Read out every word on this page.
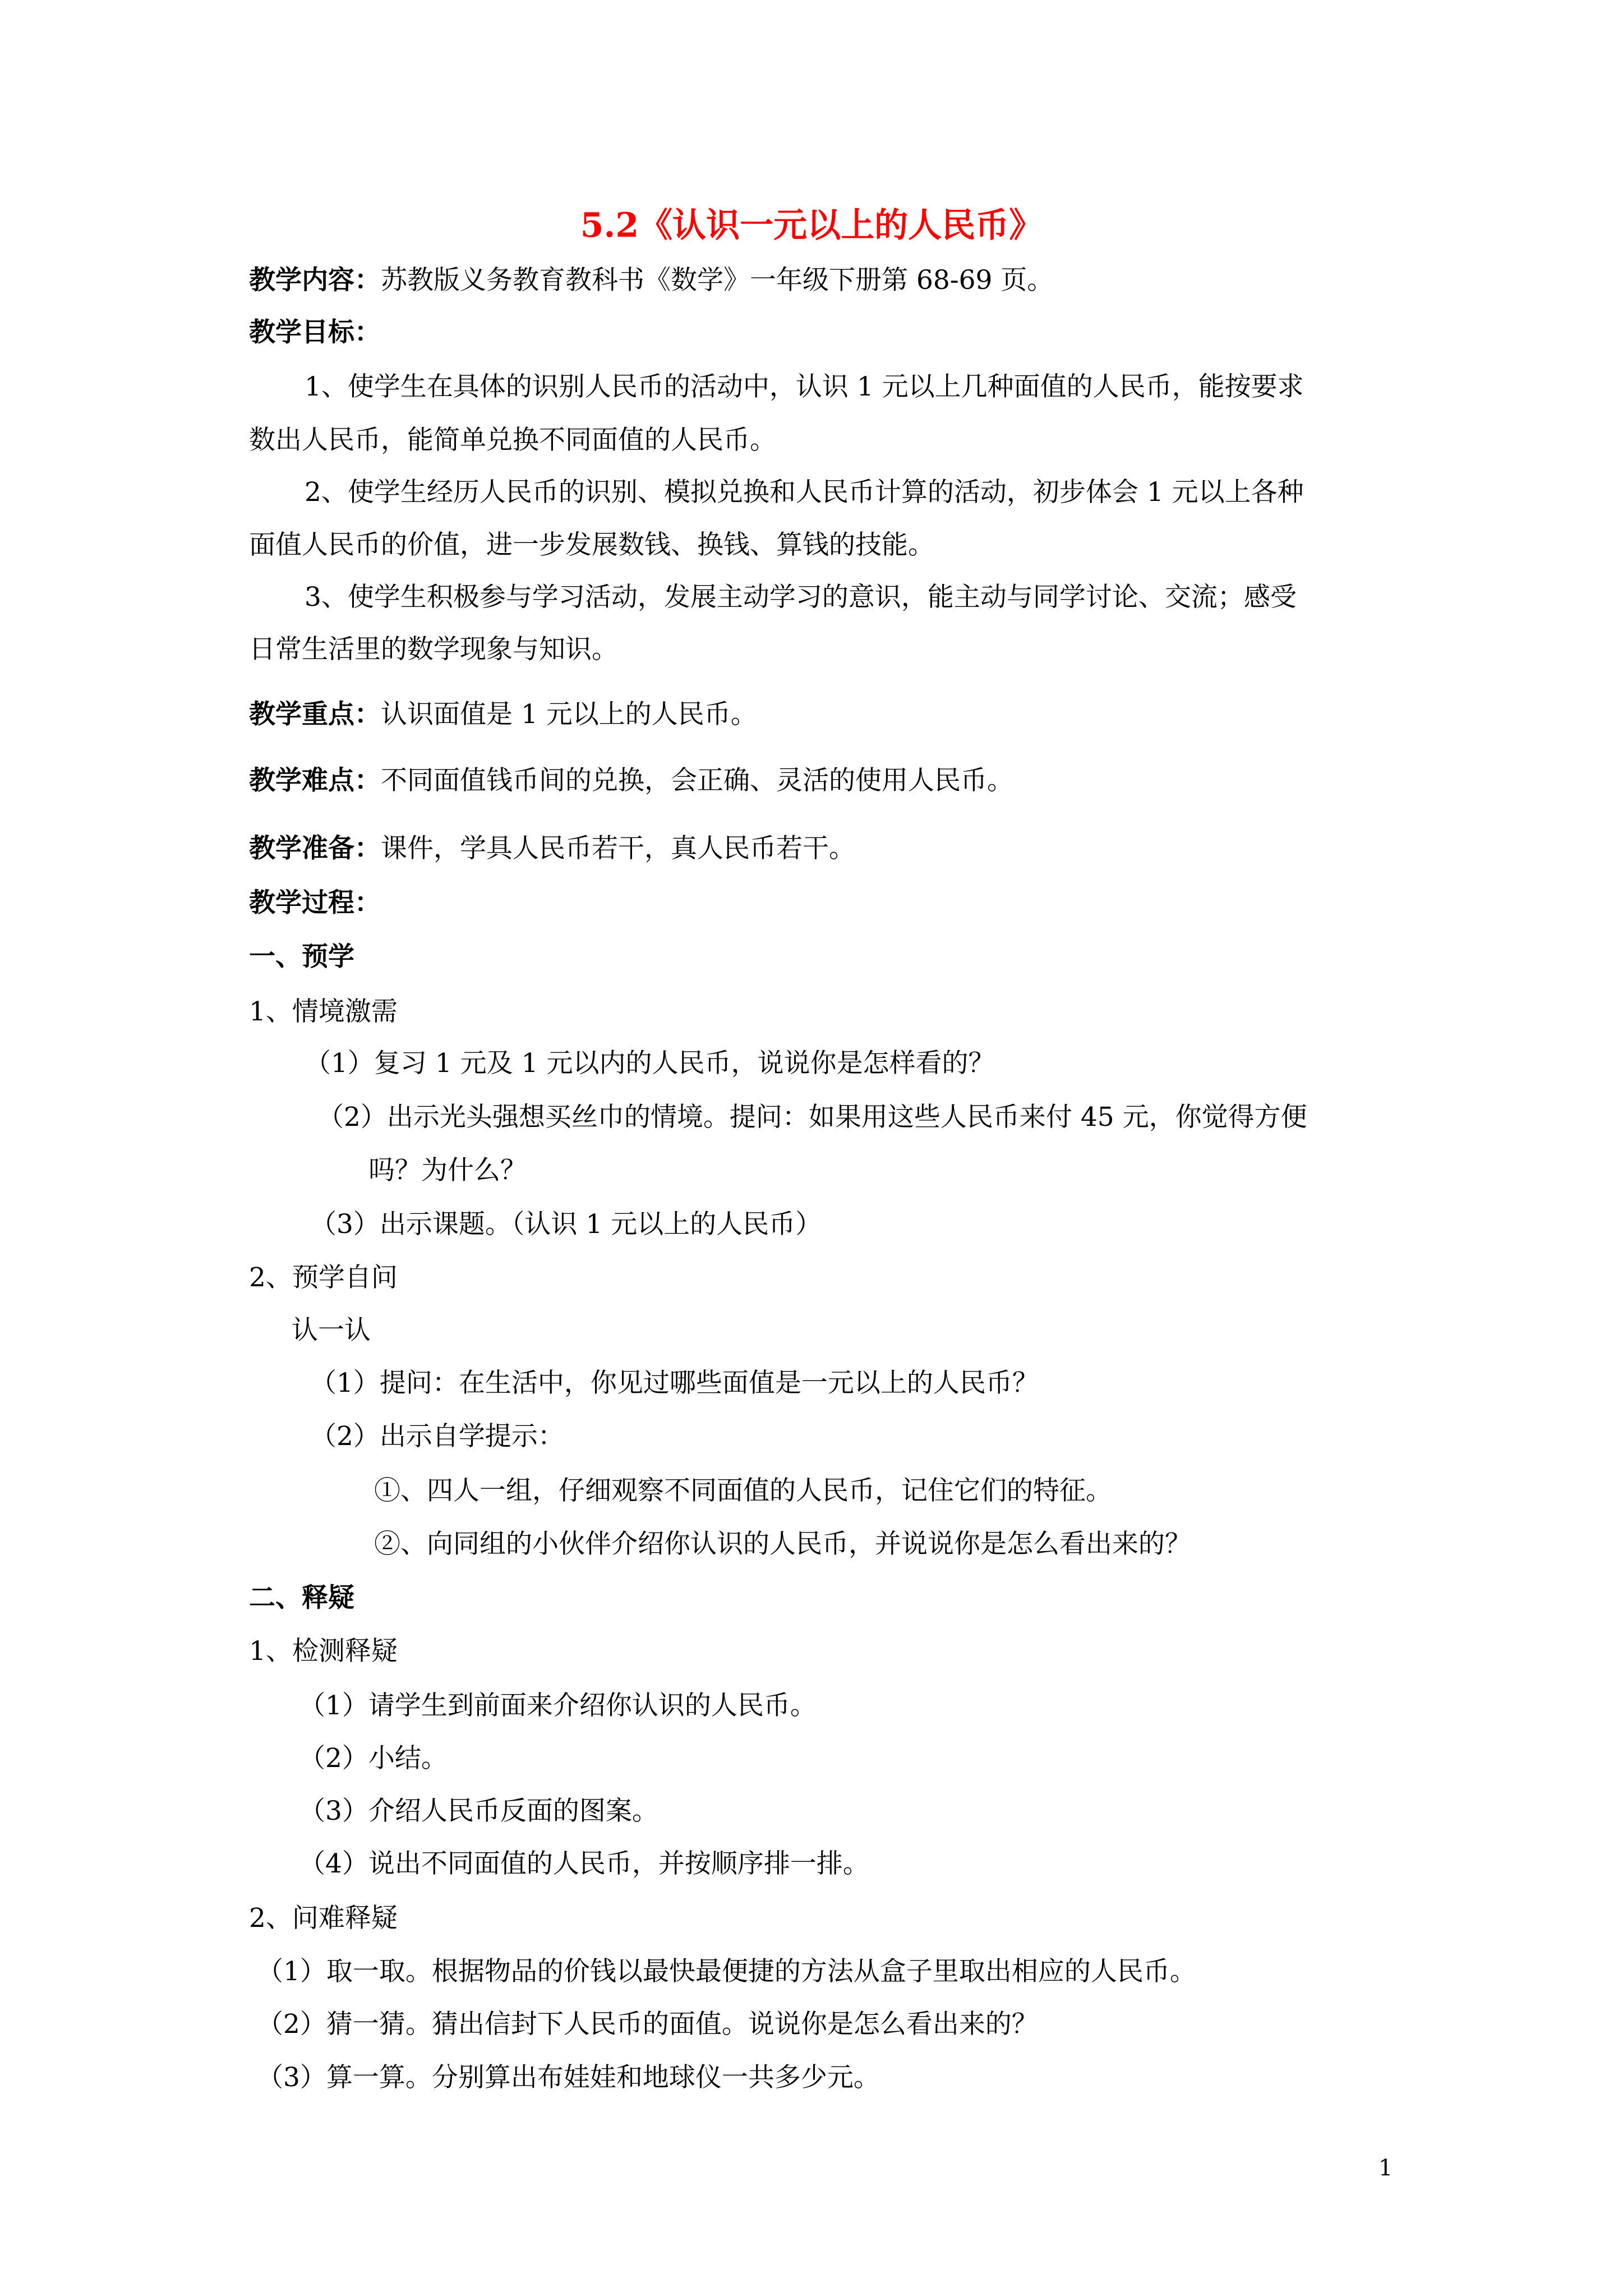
5.2《认识一元以上的人民币》

教学内容：苏教版义务教育教科书《数学》一年级下册第 68-69 页。

教学目标：

1、使学生在具体的识别人民币的活动中，认识 1 元以上几种面值的人民币，能按要求

数出人民币，能简单兑换不同面值的人民币。

2、使学生经历人民币的识别、模拟兑换和人民币计算的活动，初步体会 1 元以上各种

面值人民币的价值，进一步发展数钱、换钱、算钱的技能。

3、使学生积极参与学习活动，发展主动学习的意识，能主动与同学讨论、交流；感受

日常生活里的数学现象与知识。

教学重点：认识面值是 1 元以上的人民币。

教学难点：不同面值钱币间的兑换，会正确、灵活的使用人民币。

教学准备：课件，学具人民币若干，真人民币若干。

教学过程：

一、预学

1、情境激需

（1）复习 1 元及 1 元以内的人民币，说说你是怎样看的？

（2）出示光头强想买丝巾的情境。提问：如果用这些人民币来付 45 元，你觉得方便

吗？为什么？

（3）出示课题。（认识 1 元以上的人民币）

2、预学自问

认一认

（1）提问：在生活中，你见过哪些面值是一元以上的人民币？

（2）出示自学提示：

①、四人一组，仔细观察不同面值的人民币，记住它们的特征。

②、向同组的小伙伴介绍你认识的人民币，并说说你是怎么看出来的？

二、释疑

1、检测释疑

（1）请学生到前面来介绍你认识的人民币。

（2）小结。

（3）介绍人民币反面的图案。

（4）说出不同面值的人民币，并按顺序排一排。

2、问难释疑

（1）取一取。根据物品的价钱以最快最便捷的方法从盒子里取出相应的人民币。

（2）猜一猜。猜出信封下人民币的面值。说说你是怎么看出来的？

（3）算一算。分别算出布娃娃和地球仪一共多少元。

1
